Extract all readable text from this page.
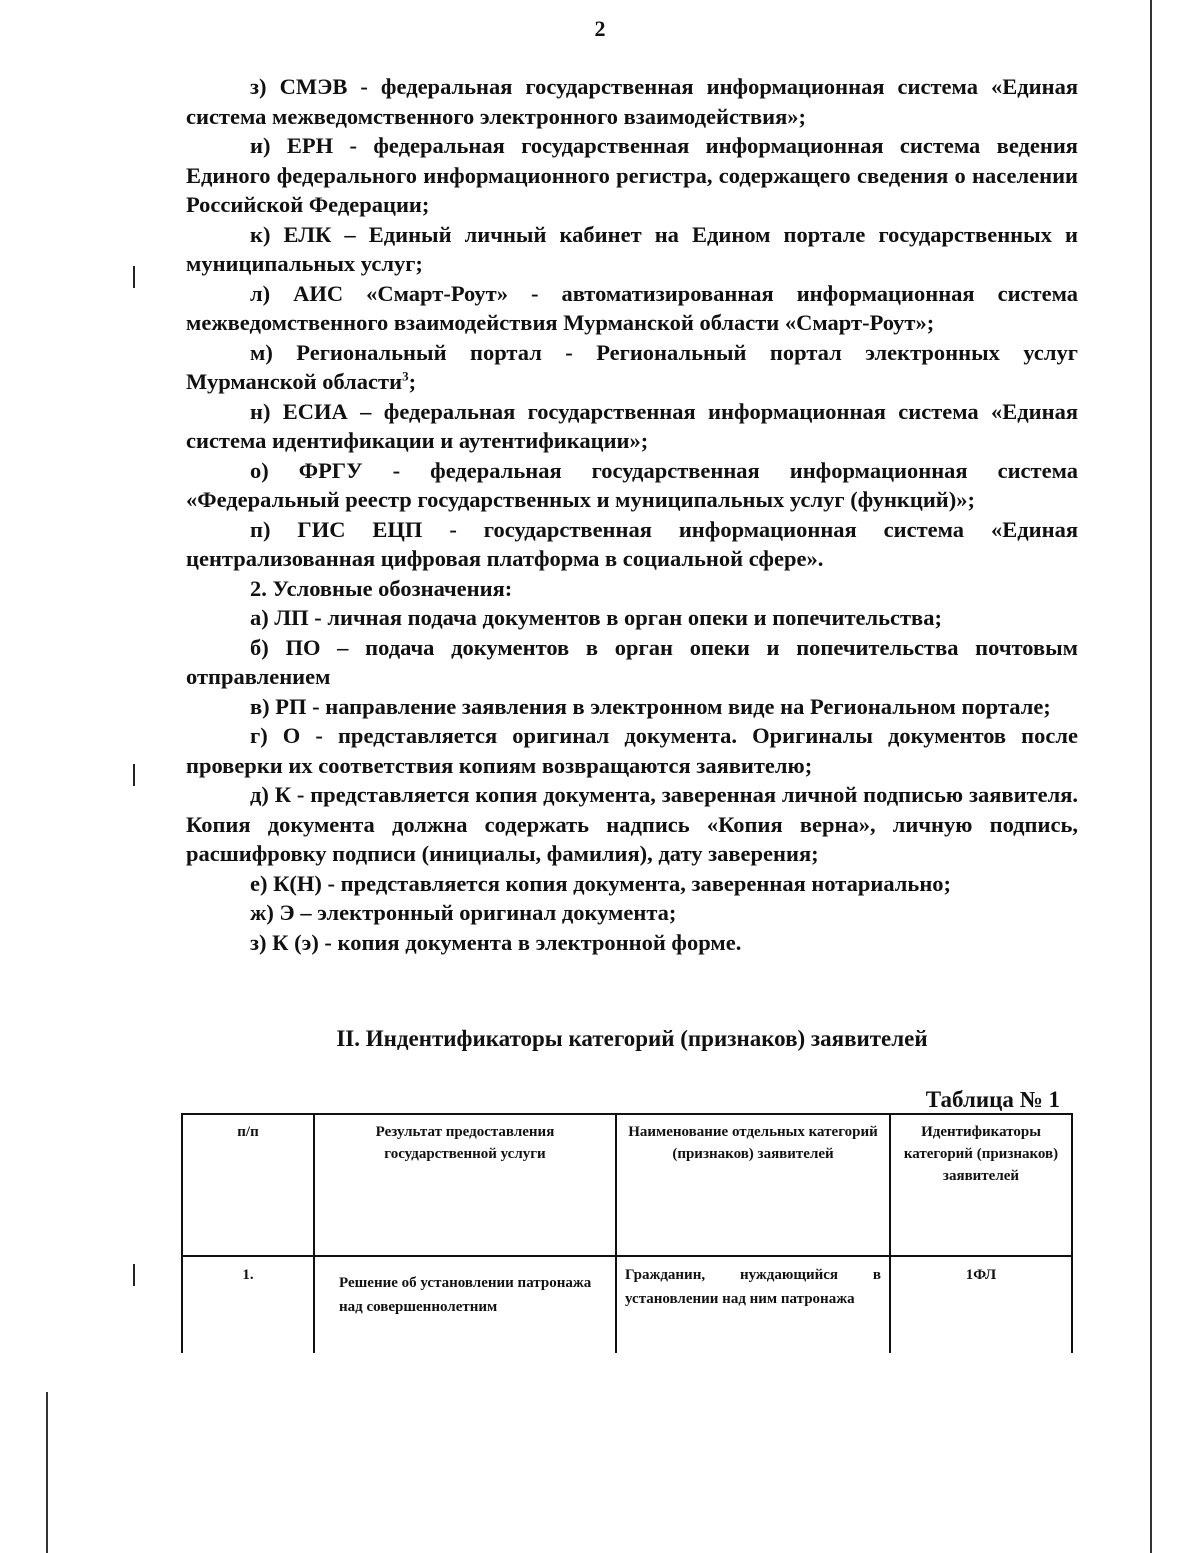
2

з) СМЭВ - федеральная государственная информационная система «Единая система межведомственного электронного взаимодействия»;

и) ЕРН - федеральная государственная информационная система ведения Единого федерального информационного регистра, содержащего сведения о населении Российской Федерации;

к) ЕЛК – Единый личный кабинет на Едином портале государственных и муниципальных услуг;

л) АИС «Смарт-Роут» - автоматизированная информационная система межведомственного взаимодействия Мурманской области «Смарт-Роут»;

м) Региональный портал - Региональный портал электронных услуг Мурманской области$^3$;

н) ЕСИА – федеральная государственная информационная система «Единая система идентификации и аутентификации»;

о) ФРГУ - федеральная государственная информационная система «Федеральный реестр государственных и муниципальных услуг (функций)»;

п) ГИС ЕЦП - государственная информационная система «Единая централизованная цифровая платформа в социальной сфере».

2. Условные обозначения:

а) ЛП - личная подача документов в орган опеки и попечительства;

б) ПО – подача документов в орган опеки и попечительства почтовым отправлением

в) РП - направление заявления в электронном виде на Региональном портале;

г) О - представляется оригинал документа. Оригиналы документов после проверки их соответствия копиям возвращаются заявителю;

д) К - представляется копия документа, заверенная личной подписью заявителя. Копия документа должна содержать надпись «Копия верна», личную подпись, расшифровку подписи (инициалы, фамилия), дату заверения;

е) К(Н) - представляется копия документа, заверенная нотариально;

ж) Э – электронный оригинал документа;

з) К (э) - копия документа в электронной форме.

II. Индентификаторы категорий (признаков) заявителей
Таблица № 1
п/п	Результат предоставления государственной услуги	Наименование отдельных категорий (признаков) заявителей	Идентификаторы категорий (признаков) заявителей
1.	Решение об установлении патронажа над совершеннолетним	Гражданин, нуждающийся в установлении над ним патронажа	1ФЛ
